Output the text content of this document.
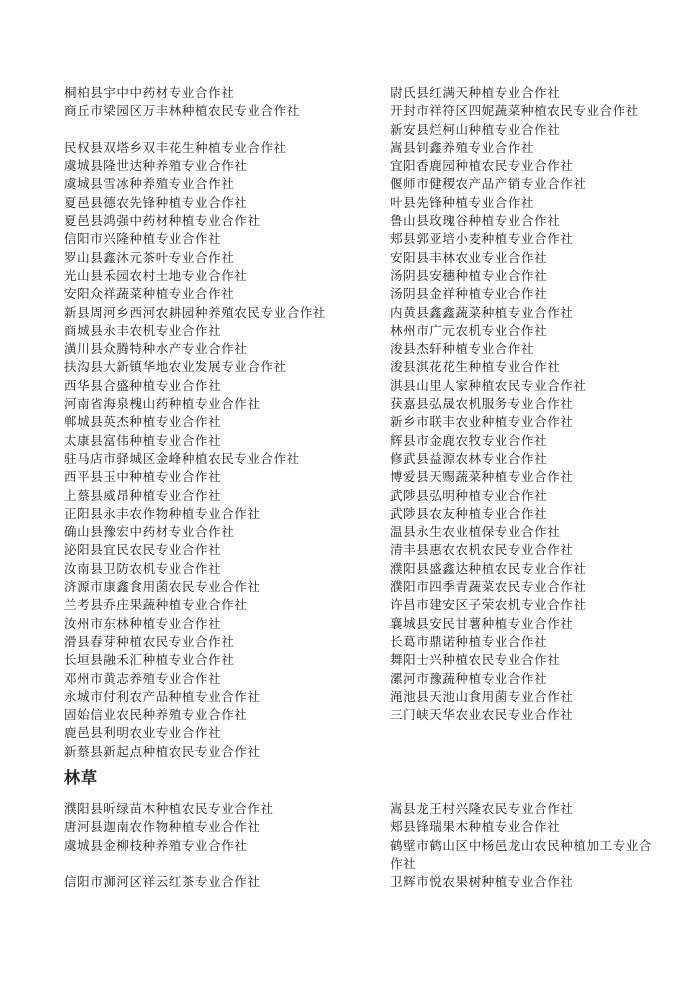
桐柏县宇中中药材专业合作社
商丘市梁园区万丰林种植农民专业合作社
民权县双塔乡双丰花生种植专业合作社
虞城县隆世达种养殖专业合作社
虞城县雪冰种养殖专业合作社
夏邑县德农先锋种植专业合作社
夏邑县鸿强中药材种植专业合作社
信阳市兴隆种植专业合作社
罗山县鑫沐元茶叶专业合作社
光山县禾园农村土地专业合作社
安阳众祥蔬菜种植专业合作社
新县周河乡西河农耕园种养殖农民专业合作社
商城县永丰农机专业合作社
潢川县众腾特种水产专业合作社
扶沟县大新镇华地农业发展专业合作社
西华县合盛种植专业合作社
河南省海泉槐山药种植专业合作社
郸城县英杰种植专业合作社
太康县富伟种植专业合作社
驻马店市驿城区金峰种植农民专业合作社
西平县玉中种植专业合作社
上蔡县威昂种植专业合作社
正阳县永丰农作物种植专业合作社
确山县豫宏中药材专业合作社
泌阳县宜民农民专业合作社
汝南县卫防农机专业合作社
济源市康鑫食用菌农民专业合作社
兰考县乔庄果蔬种植专业合作社
汝州市东林种植专业合作社
滑县春芽种植农民专业合作社
长垣县融禾汇种植专业合作社
邓州市黄志养殖专业合作社
永城市付利农产品种植专业合作社
固始信业农民种养殖专业合作社
鹿邑县利明农业专业合作社
新蔡县新起点种植农民专业合作社
尉氏县红满天种植专业合作社
开封市祥符区四妮蔬菜种植农民专业合作社
新安县烂柯山种植专业合作社
嵩县钊鑫养殖专业合作社
宜阳香鹿园种植农民专业合作社
偃师市健稷农产品产销专业合作社
叶县先锋种植专业合作社
鲁山县玫瑰谷种植专业合作社
郏县郭亚培小麦种植专业合作社
安阳县丰林农业专业合作社
汤阴县安穗种植专业合作社
汤阴县金祥种植专业合作社
内黄县鑫鑫蔬菜种植专业合作社
林州市广元农机专业合作社
浚县杰轩种植专业合作社
浚县淇花花生种植专业合作社
淇县山里人家种植农民专业合作社
获嘉县弘晟农机服务专业合作社
新乡市联丰农业种植专业合作社
辉县市金鹿农牧专业合作社
修武县益源农林专业合作社
博爱县天赐蔬菜种植专业合作社
武陟县弘明种植专业合作社
武陟县农友种植专业合作社
温县永生农业植保专业合作社
清丰县惠农农机农民专业合作社
濮阳县盛鑫达种植农民专业合作社
濮阳市四季青蔬菜农民专业合作社
许昌市建安区子荣农机专业合作社
襄城县安民甘薯种植专业合作社
长葛市鼎诺种植专业合作社
舞阳士兴种植农民专业合作社
漯河市豫蔬种植专业合作社
渑池县天池山食用菌专业合作社
三门峡天华农业农民专业合作社
林草
濮阳县昕绿苗木种植农民专业合作社
唐河县迦南农作物种植专业合作社
虞城县金柳枝种养殖专业合作社
信阳市浉河区祥云红茶专业合作社
嵩县龙王村兴隆农民专业合作社
郏县锋瑞果木种植专业合作社
鹤壁市鹤山区中杨邑龙山农民种植加工专业合作社
卫辉市悦农果树种植专业合作社
